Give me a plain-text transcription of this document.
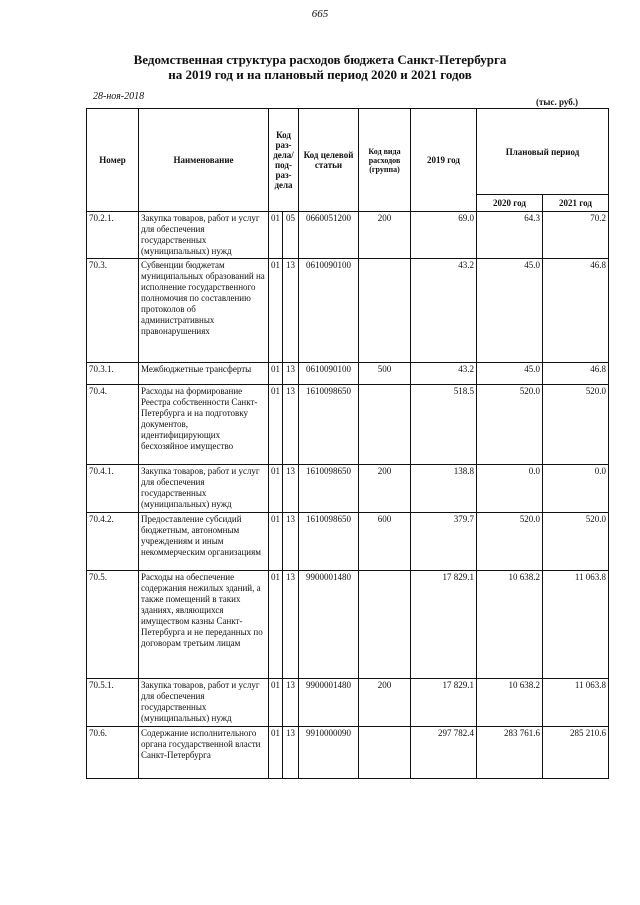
665
Ведомственная структура расходов бюджета Санкт-Петербурга
на 2019 год и на плановый период 2020 и 2021 годов
28-ноя-2018	(тыс. руб.)
Номер	Наименование	Код раз-дела/ под-раз-дела		Код целевой статьи	Код вида расходов (группа)	2019 год	Плановый период	
							2020 год	2021 год
70.2.1.	Закупка товаров, работ и услуг для обеспечения государственных (муниципальных) нужд	01	05	0660051200	200	69.0	64.3	70.2
70.3.	Субвенции бюджетам муниципальных образований на исполнение государственного полномочия по составлению протоколов об административных правонарушениях	01	13	0610090100		43.2	45.0	46.8
70.3.1.	Межбюджетные трансферты	01	13	0610090100	500	43.2	45.0	46.8
70.4.	Расходы на формирование Реестра собственности Санкт-Петербурга и на подготовку документов, идентифицирующих бесхозяйное имущество	01	13	1610098650		518.5	520.0	520.0
70.4.1.	Закупка товаров, работ и услуг для обеспечения государственных (муниципальных) нужд	01	13	1610098650	200	138.8	0.0	0.0
70.4.2.	Предоставление субсидий бюджетным, автономным учреждениям и иным некоммерческим организациям	01	13	1610098650	600	379.7	520.0	520.0
70.5.	Расходы на обеспечение содержания нежилых зданий, а также помещений в таких зданиях, являющихся имуществом казны Санкт-Петербурга и не переданных по договорам третьим лицам	01	13	9900001480		17 829.1	10 638.2	11 063.8
70.5.1.	Закупка товаров, работ и услуг для обеспечения государственных (муниципальных) нужд	01	13	9900001480	200	17 829.1	10 638.2	11 063.8
70.6.	Содержание исполнительного органа государственной власти Санкт-Петербурга	01	13	9910000090		297 782.4	283 761.6	285 210.6
